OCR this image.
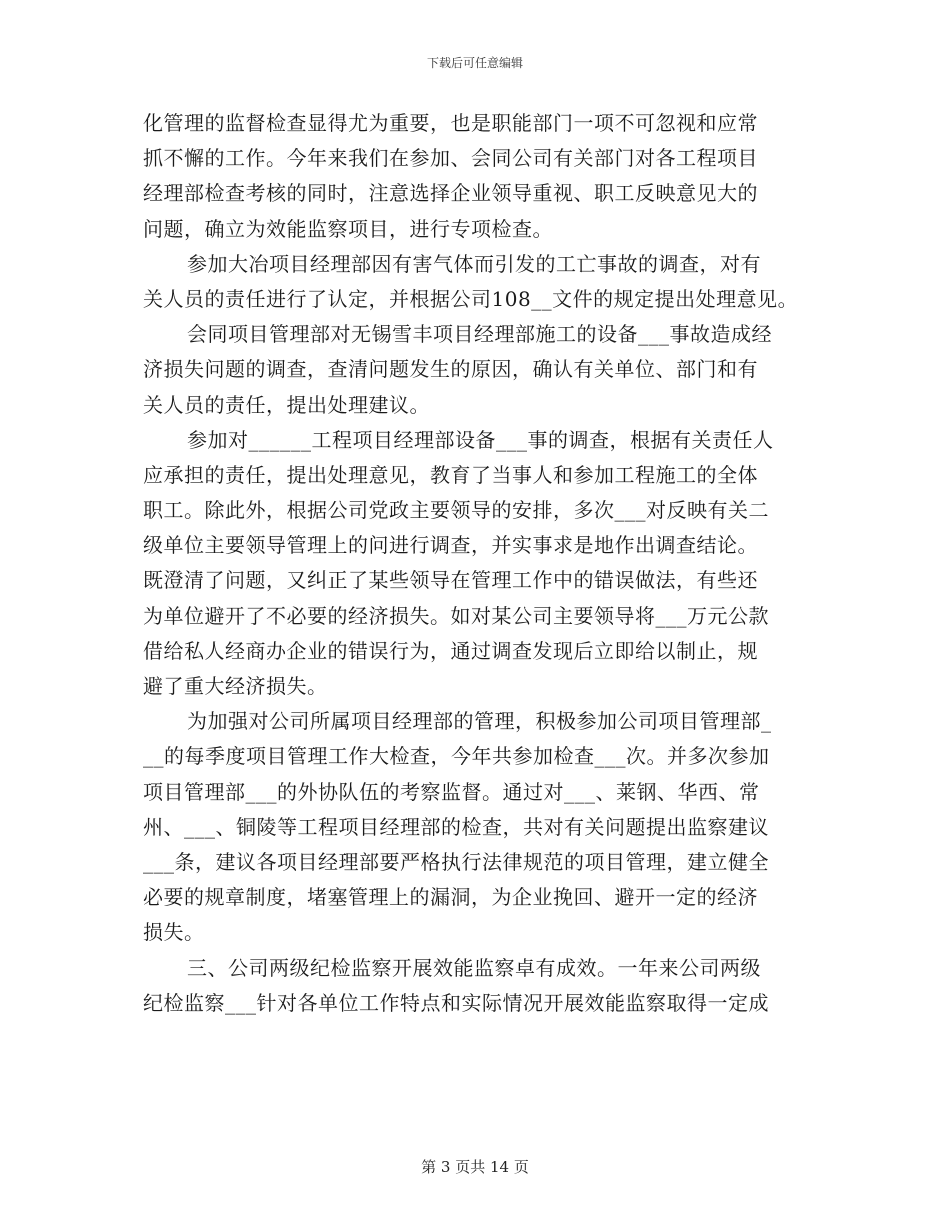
下载后可任意编辑
化管理的监督检查显得尤为重要，也是职能部门一项不可忽视和应常
抓不懈的工作。今年来我们在参加、会同公司有关部门对各工程项目
经理部检查考核的同时，注意选择企业领导重视、职工反映意见大的
问题，确立为效能监察项目，进行专项检查。
参加大冶项目经理部因有害气体而引发的工亡事故的调查，对有
关人员的责任进行了认定，并根据公司108__文件的规定提出处理意见。
会同项目管理部对无锡雪丰项目经理部施工的设备___事故造成经
济损失问题的调查，查清问题发生的原因，确认有关单位、部门和有
关人员的责任，提出处理建议。
参加对______工程项目经理部设备___事的调查，根据有关责任人
应承担的责任，提出处理意见，教育了当事人和参加工程施工的全体
职工。除此外，根据公司党政主要领导的安排，多次___对反映有关二
级单位主要领导管理上的问进行调查，并实事求是地作出调查结论。
既澄清了问题，又纠正了某些领导在管理工作中的错误做法，有些还
为单位避开了不必要的经济损失。如对某公司主要领导将___万元公款
借给私人经商办企业的错误行为，通过调查发现后立即给以制止，规
避了重大经济损失。
为加强对公司所属项目经理部的管理，积极参加公司项目管理部_
__的每季度项目管理工作大检查，今年共参加检查___次。并多次参加
项目管理部___的外协队伍的考察监督。通过对___、莱钢、华西、常
州、___、铜陵等工程项目经理部的检查，共对有关问题提出监察建议
___条，建议各项目经理部要严格执行法律规范的项目管理，建立健全
必要的规章制度，堵塞管理上的漏洞，为企业挽回、避开一定的经济
损失。
三、公司两级纪检监察开展效能监察卓有成效。一年来公司两级
纪检监察___针对各单位工作特点和实际情况开展效能监察取得一定成
第 3 页共 14 页
